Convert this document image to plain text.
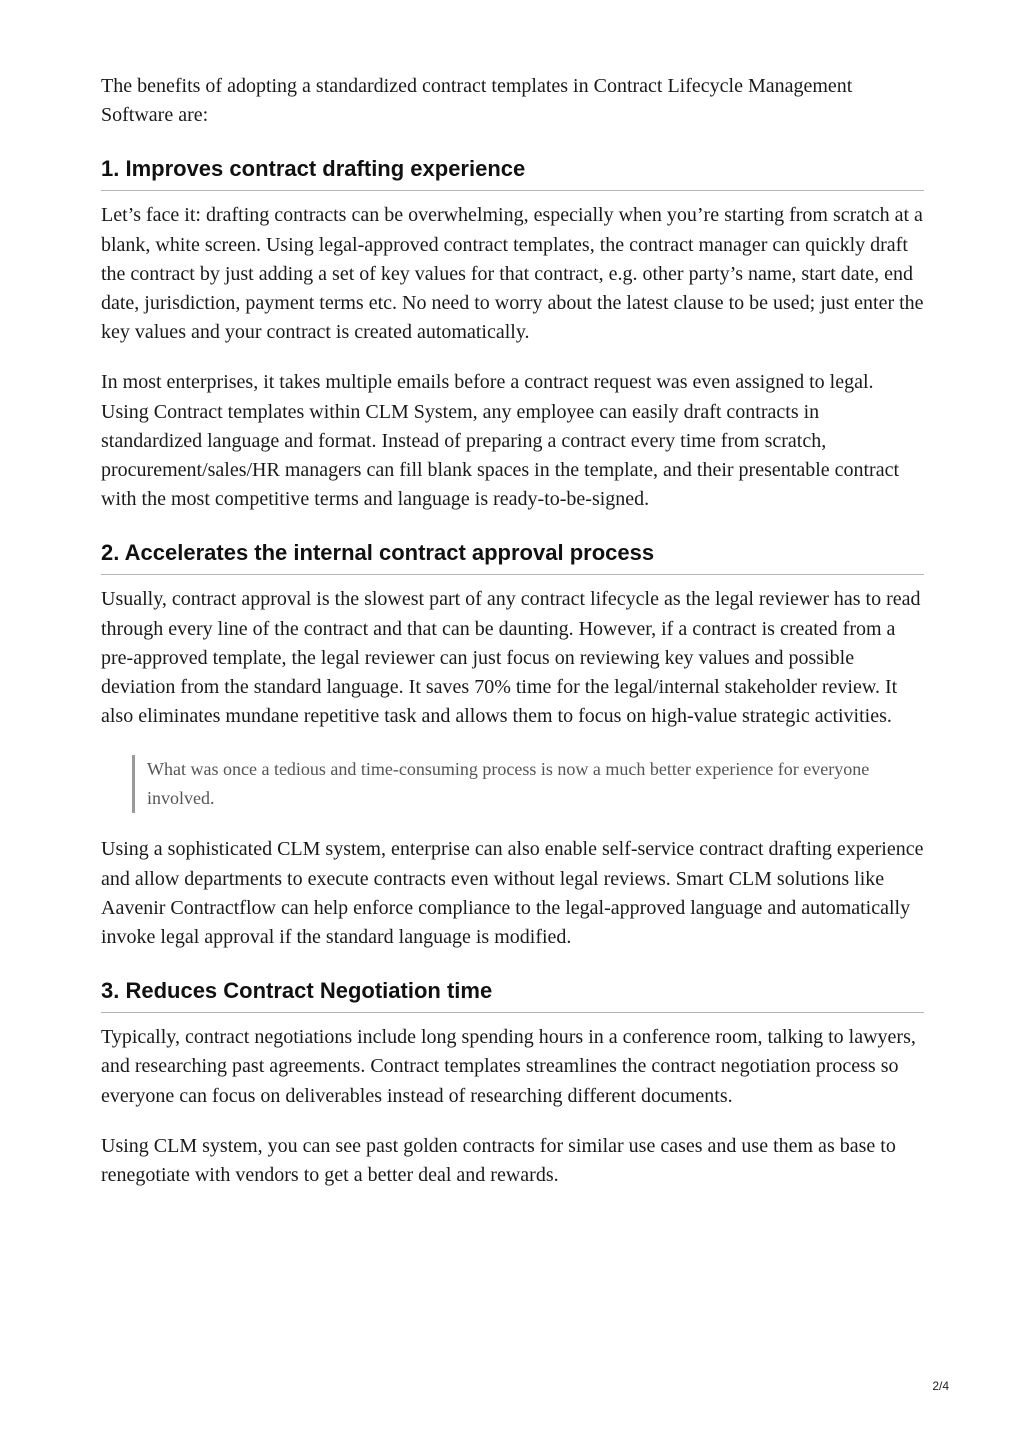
The benefits of adopting a standardized contract templates in Contract Lifecycle Management Software are:

1. Improves contract drafting experience

Let’s face it: drafting contracts can be overwhelming, especially when you’re starting from scratch at a blank, white screen. Using legal-approved contract templates, the contract manager can quickly draft the contract by just adding a set of key values for that contract, e.g. other party’s name, start date, end date, jurisdiction, payment terms etc. No need to worry about the latest clause to be used; just enter the key values and your contract is created automatically.

In most enterprises, it takes multiple emails before a contract request was even assigned to legal. Using Contract templates within CLM System, any employee can easily draft contracts in standardized language and format. Instead of preparing a contract every time from scratch, procurement/sales/HR managers can fill blank spaces in the template, and their presentable contract with the most competitive terms and language is ready-to-be-signed.

2. Accelerates the internal contract approval process

Usually, contract approval is the slowest part of any contract lifecycle as the legal reviewer has to read through every line of the contract and that can be daunting. However, if a contract is created from a pre-approved template, the legal reviewer can just focus on reviewing key values and possible deviation from the standard language. It saves 70% time for the legal/internal stakeholder review. It also eliminates mundane repetitive task and allows them to focus on high-value strategic activities.

What was once a tedious and time-consuming process is now a much better experience for everyone involved.

Using a sophisticated CLM system, enterprise can also enable self-service contract drafting experience and allow departments to execute contracts even without legal reviews. Smart CLM solutions like Aavenir Contractflow can help enforce compliance to the legal-approved language and automatically invoke legal approval if the standard language is modified.

3. Reduces Contract Negotiation time

Typically, contract negotiations include long spending hours in a conference room, talking to lawyers, and researching past agreements. Contract templates streamlines the contract negotiation process so everyone can focus on deliverables instead of researching different documents.

Using CLM system, you can see past golden contracts for similar use cases and use them as base to renegotiate with vendors to get a better deal and rewards.

2/4
